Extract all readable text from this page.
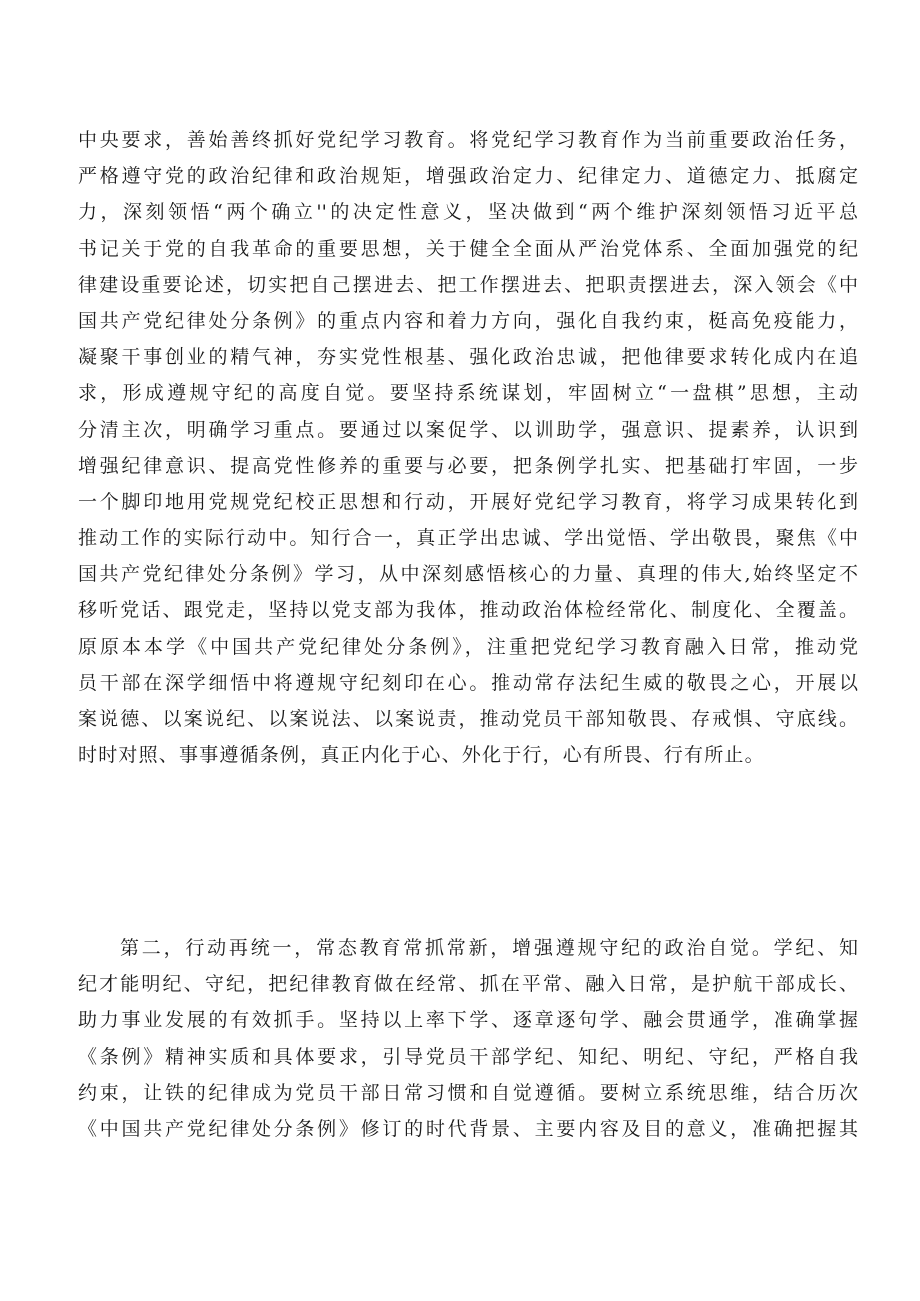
中央要求，善始善终抓好党纪学习教育。将党纪学习教育作为当前重要政治任务，
严格遵守党的政治纪律和政治规矩，增强政治定力、纪律定力、道德定力、抵腐定
力，深刻领悟“两个确立''的决定性意义，坚决做到“两个维护深刻领悟习近平总
书记关于党的自我革命的重要思想，关于健全全面从严治党体系、全面加强党的纪
律建设重要论述，切实把自己摆进去、把工作摆进去、把职责摆进去，深入领会《中
国共产党纪律处分条例》的重点内容和着力方向，强化自我约束，梃高免疫能力，
凝聚干事创业的精气神，夯实党性根基、强化政治忠诚，把他律要求转化成内在追
求，形成遵规守纪的高度自觉。要坚持系统谋划，牢固树立“一盘棋”思想，主动
分清主次，明确学习重点。要通过以案促学、以训助学，强意识、提素养，认识到
增强纪律意识、提高党性修养的重要与必要，把条例学扎实、把基础打牢固，一步
一个脚印地用党规党纪校正思想和行动，开展好党纪学习教育，将学习成果转化到
推动工作的实际行动中。知行合一，真正学出忠诚、学出觉悟、学出敬畏，聚焦《中
国共产党纪律处分条例》学习，从中深刻感悟核心的力量、真理的伟大,始终坚定不
移听党话、跟党走，坚持以党支部为我体，推动政治体检经常化、制度化、全覆盖。
原原本本学《中国共产党纪律处分条例》，注重把党纪学习教育融入日常，推动党
员干部在深学细悟中将遵规守纪刻印在心。推动常存法纪生威的敬畏之心，开展以
案说德、以案说纪、以案说法、以案说责，推动党员干部知敬畏、存戒惧、守底线。
时时对照、事事遵循条例，真正内化于心、外化于行，心有所畏、行有所止。
第二，行动再统一，常态教育常抓常新，增强遵规守纪的政治自觉。学纪、知
纪才能明纪、守纪，把纪律教育做在经常、抓在平常、融入日常，是护航干部成长、
助力事业发展的有效抓手。坚持以上率下学、逐章逐句学、融会贯通学，准确掌握
《条例》精神实质和具体要求，引导党员干部学纪、知纪、明纪、守纪，严格自我
约束，让铁的纪律成为党员干部日常习惯和自觉遵循。要树立系统思维，结合历次
《中国共产党纪律处分条例》修订的时代背景、主要内容及目的意义，准确把握其
